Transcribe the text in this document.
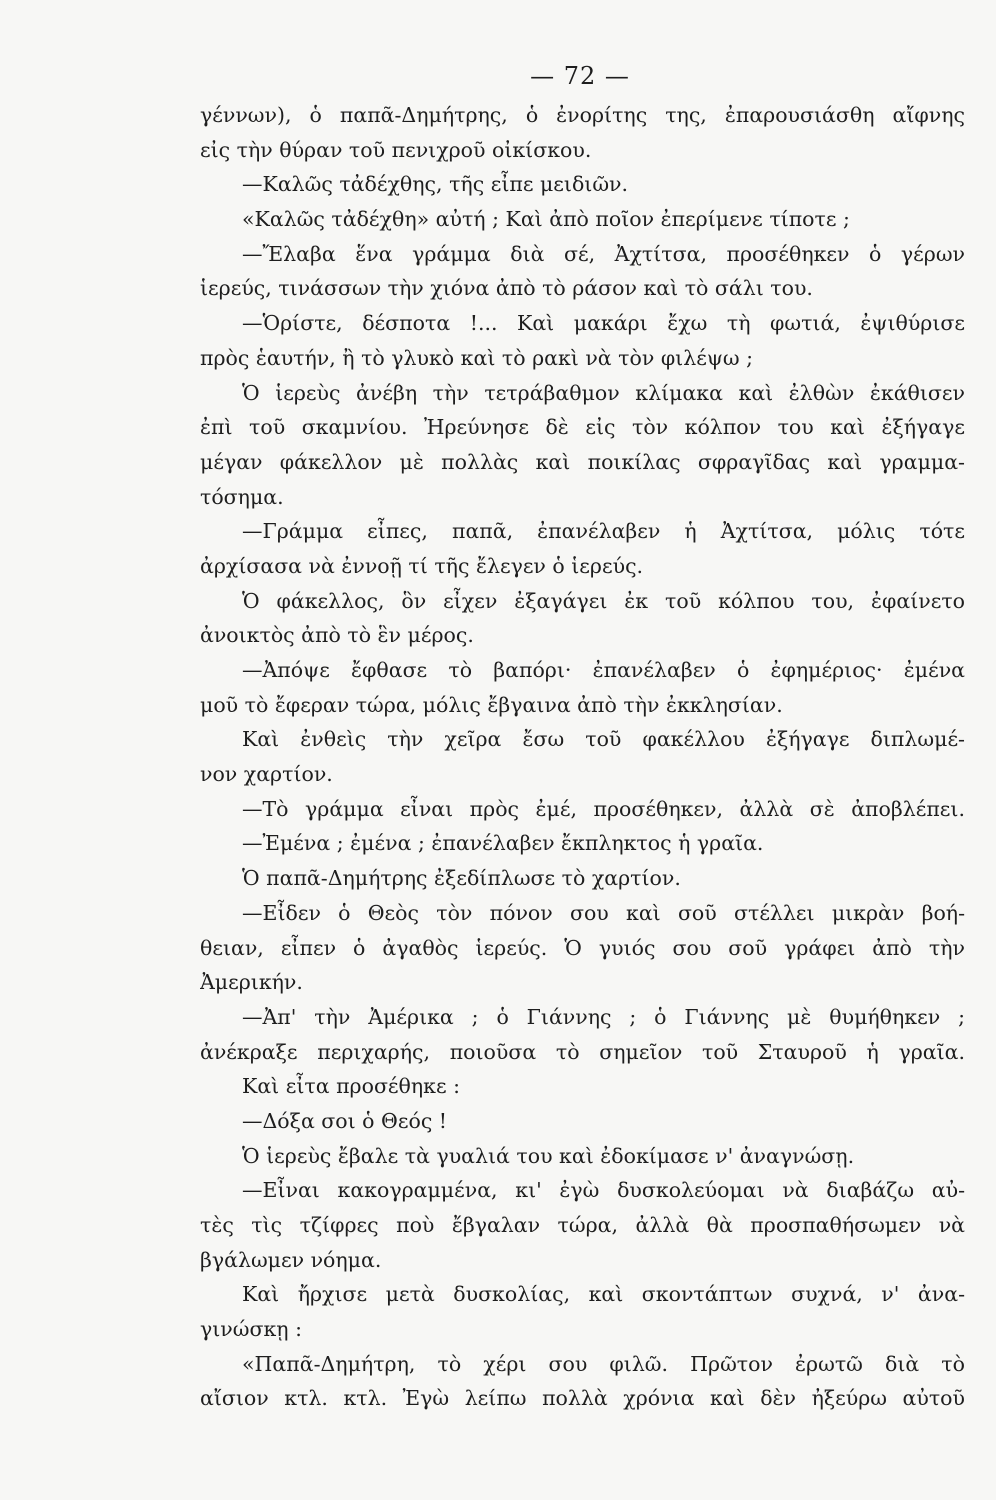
— 72 —
γέννων), ὁ παπᾶ-Δημήτρης, ὁ ἐνορίτης της, ἐπαρουσιάσθη αἴφνης
εἰς τὴν θύραν τοῦ πενιχροῦ οἰκίσκου.
—Καλῶς τἀδέχθης, τῆς εἶπε μειδιῶν.
«Καλῶς τἀδέχθη» αὐτή ; Καὶ ἀπὸ ποῖον ἐπερίμενε τίποτε ;
—Ἔλαβα ἕνα γράμμα διὰ σέ, Ἀχτίτσα, προσέθηκεν ὁ γέρων
ἱερεύς, τινάσσων τὴν χιόνα ἀπὸ τὸ ράσον καὶ τὸ σάλι του.
—Ὁρίστε, δέσποτα !... Καὶ μακάρι ἔχω τὴ φωτιά, ἐψιθύρισε
πρὸς ἑαυτήν, ἢ τὸ γλυκὸ καὶ τὸ ρακὶ νὰ τὸν φιλέψω ;
Ὁ ἱερεὺς ἀνέβη τὴν τετράβαθμον κλίμακα καὶ ἐλθὼν ἐκάθισεν
ἐπὶ τοῦ σκαμνίου. Ἠρεύνησε δὲ εἰς τὸν κόλπον του καὶ ἐξήγαγε
μέγαν φάκελλον μὲ πολλὰς καὶ ποικίλας σφραγῖδας καὶ γραμμα-
τόσημα.
—Γράμμα εἶπες, παπᾶ, ἐπανέλαβεν ἡ Ἀχτίτσα, μόλις τότε
ἀρχίσασα νὰ ἐννοῇ τί τῆς ἔλεγεν ὁ ἱερεύς.
Ὁ φάκελλος, ὃν εἶχεν ἐξαγάγει ἐκ τοῦ κόλπου του, ἐφαίνετο
ἀνοικτὸς ἀπὸ τὸ ἓν μέρος.
—Ἀπόψε ἔφθασε τὸ βαπόρι· ἐπανέλαβεν ὁ ἐφημέριος· ἐμένα
μοῦ τὸ ἔφεραν τώρα, μόλις ἔβγαινα ἀπὸ τὴν ἐκκλησίαν.
Καὶ ἐνθεὶς τὴν χεῖρα ἔσω τοῦ φακέλλου ἐξήγαγε διπλωμέ-
νον χαρτίον.
—Τὸ γράμμα εἶναι πρὸς ἐμέ, προσέθηκεν, ἀλλὰ σὲ ἀποβλέπει.
—Ἐμένα ; ἐμένα ; ἐπανέλαβεν ἔκπληκτος ἡ γραῖα.
Ὁ παπᾶ-Δημήτρης ἐξεδίπλωσε τὸ χαρτίον.
—Εἶδεν ὁ Θεὸς τὸν πόνον σου καὶ σοῦ στέλλει μικρὰν βοή-
θειαν, εἶπεν ὁ ἀγαθὸς ἱερεύς. Ὁ γυιός σου σοῦ γράφει ἀπὸ τὴν
Ἀμερικήν.
—Ἀπ' τὴν Ἀμέρικα ; ὁ Γιάννης ; ὁ Γιάννης μὲ θυμήθηκεν ;
ἀνέκραξε περιχαρής, ποιοῦσα τὸ σημεῖον τοῦ Σταυροῦ ἡ γραῖα.
Καὶ εἶτα προσέθηκε :
—Δόξα σοι ὁ Θεός !
Ὁ ἱερεὺς ἔβαλε τὰ γυαλιά του καὶ ἐδοκίμασε ν' ἀναγνώσῃ.
—Εἶναι κακογραμμένα, κι' ἐγὼ δυσκολεύομαι νὰ διαβάζω αὐ-
τὲς τὶς τζίφρες ποὺ ἔβγαλαν τώρα, ἀλλὰ θὰ προσπαθήσωμεν νὰ
βγάλωμεν νόημα.
Καὶ ἤρχισε μετὰ δυσκολίας, καὶ σκοντάπτων συχνά, ν' ἀνα-
γινώσκῃ :
«Παπᾶ-Δημήτρη, τὸ χέρι σου φιλῶ. Πρῶτον ἐρωτῶ διὰ τὸ
αἴσιον κτλ. κτλ. Ἐγὼ λείπω πολλὰ χρόνια καὶ δὲν ἠξεύρω αὐτοῦ
